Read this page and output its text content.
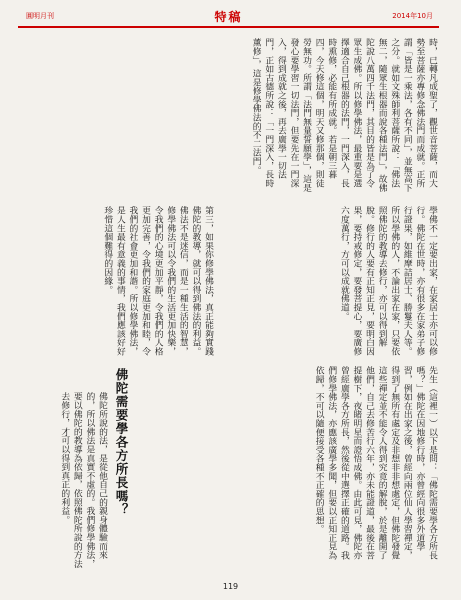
圓明月刊	特稿	2014年10月
時，已轉凡成聖了，觀世音菩薩，而大勢至菩薩亦專修念佛法門而成就。正所謂「皆是一乘法，各有不同」，並無高下之分。就如文殊師利菩薩所說：「佛法無二，隨眾生根器而說各種法門」，故佛陀說八萬四千法門，其目的皆是為了令眾生成佛。所以修學佛法，最重要是選擇適合自己根器的法門，一門深入，長時熏修，必能有所成就。若是朝三暮四，今天修這個，明天又修那個，則徒勞無功。所謂「法門無量誓願學」，這是發心要學習一切法門，但要先在一門深入，得到成就之後，再去廣學一切法門，正如古德所說：「一門深入，長時薰修」，這是修學佛法的不二法門。
學佛不一定要出家，在家居士亦可以修行。佛陀在世時，亦有很多在家弟子修行證果，如維摩詰居士、勝鬘夫人等。所以學佛的人，不論出家在家，只要依照佛陀的教導去修行，亦可以得到解脫。修行的人要有正知正見，要明白因果，要持戒修定，要發菩提心，要廣修六度萬行，方可以成就佛道。
第三，如果你修學佛法，真正能夠實踐佛陀的教導，就可以得到佛法的利益。佛法不是迷信，而是一種生活的智慧，修學佛法可以令我們的生活更加快樂，令我們的心境更加平靜，令我們的人格更加完善，令我們的家庭更加和睦，令我們的社會更加和諧。所以修學佛法，是人生最有意義的事情，我們應該好好珍惜這個難得的因緣。
先生（這裡一）以下是問：「佛陀需要學各方所長嗎？」佛陀在因地修行時，亦曾經向很多外道學習，例如在出家之後，曾經向兩位仙人學習禪定，得到了無所有處定及非想非非想處定，但佛陀發覺這些禪定並不能令人得到究竟的解脫，於是離開了他們，自己去修苦行六年，亦未能證道，最後在菩提樹下，夜睹明星而證悟成佛。由此可見，佛陀亦曾經廣學各方所長，然後從中選擇正確的道路。我們修學佛法，亦應該廣學多聞，但要以正知正見為依歸，不可以隨便接受各種不正確的思想。
佛陀需要學各方所長嗎？
佛陀所說的法，是從他自己的親身體驗而來的，所以佛法是真實不虛的。我們修學佛法，要以佛陀的教導為依歸，依照佛陀所說的方法去修行，才可以得到真正的利益。
119
